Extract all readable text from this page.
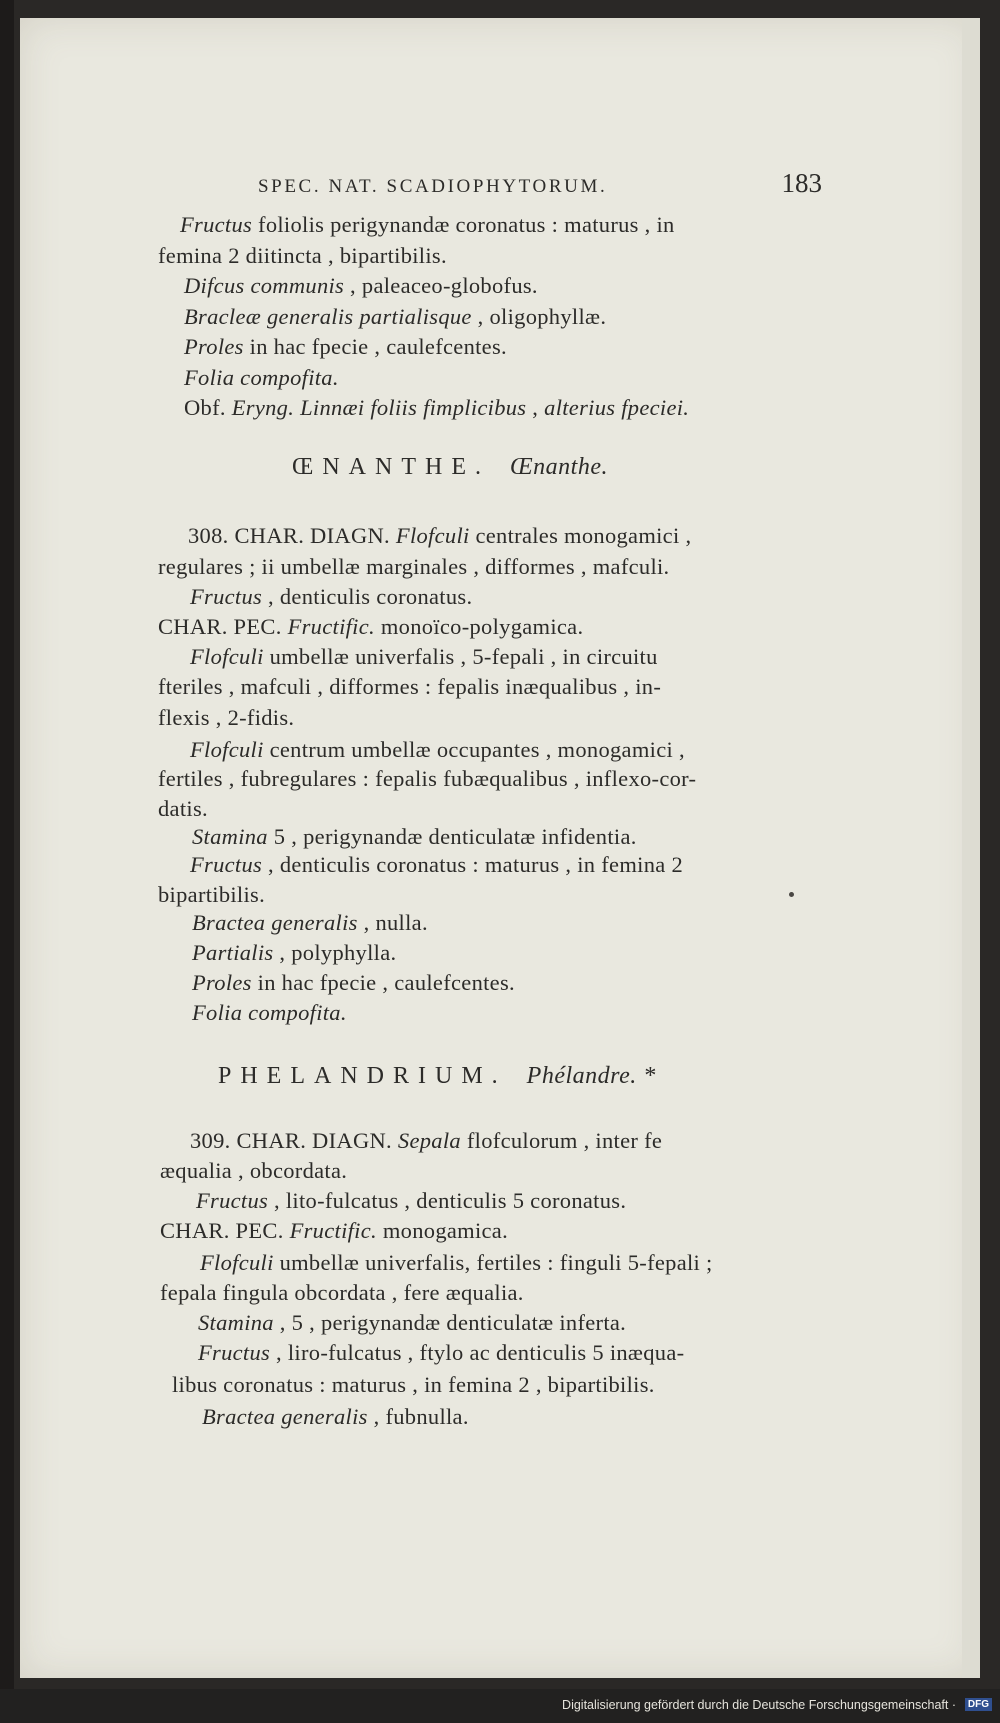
SPEC. NAT. SCADIOPHYTORUM.	183
Fructus foliolis perigynandæ coronatus : maturus , in
femina 2 diitincta , bipartibilis.
Difcus communis , paleaceo-globofus.
Bracleæ generalis partialisque , oligophyllæ.
Proles in hac fpecie , caulefcentes.
Folia compofita.
Obf. Eryng. Linnæi foliis fimplicibus , alterius fpeciei.
308. CHAR. DIAGN. Flofculi centrales monogamici ,
regulares ; ii umbellæ marginales , difformes , mafculi.
Fructus , denticulis coronatus.
CHAR. PEC. Fructific. monoïco-polygamica.
Flofculi umbellæ univerfalis , 5-fepali , in circuitu
fteriles , mafculi , difformes : fepalis inæqualibus , in-
flexis , 2-fidis.
Flofculi centrum umbellæ occupantes , monogamici ,
fertiles , fubregulares : fepalis fubæqualibus , inflexo-cor-
datis.
Stamina 5 , perigynandæ denticulatæ infidentia.
Fructus , denticulis coronatus : maturus , in femina 2
bipartibilis.
Bractea generalis , nulla.
Partialis , polyphylla.
Proles in hac fpecie , caulefcentes.
Folia compofita.
309. CHAR. DIAGN. Sepala flofculorum , inter fe
æqualia , obcordata.
Fructus , lito-fulcatus , denticulis 5 coronatus.
CHAR. PEC. Fructific. monogamica.
Flofculi umbellæ univerfalis, fertiles : finguli 5-fepali ;
fepala fingula obcordata , fere æqualia.
Stamina , 5 , perigynandæ denticulatæ inferta.
Fructus , liro-fulcatus , ftylo ac denticulis 5 inæqua-
libus coronatus : maturus , in femina 2 , bipartibilis.
Bractea generalis , fubnulla.
ŒNANTHE. Œnanthe.
PHELANDRIUM. Phélandre. *
Digitalisierung gefördert durch die Deutsche Forschungsgemeinschaft ·	DFG
